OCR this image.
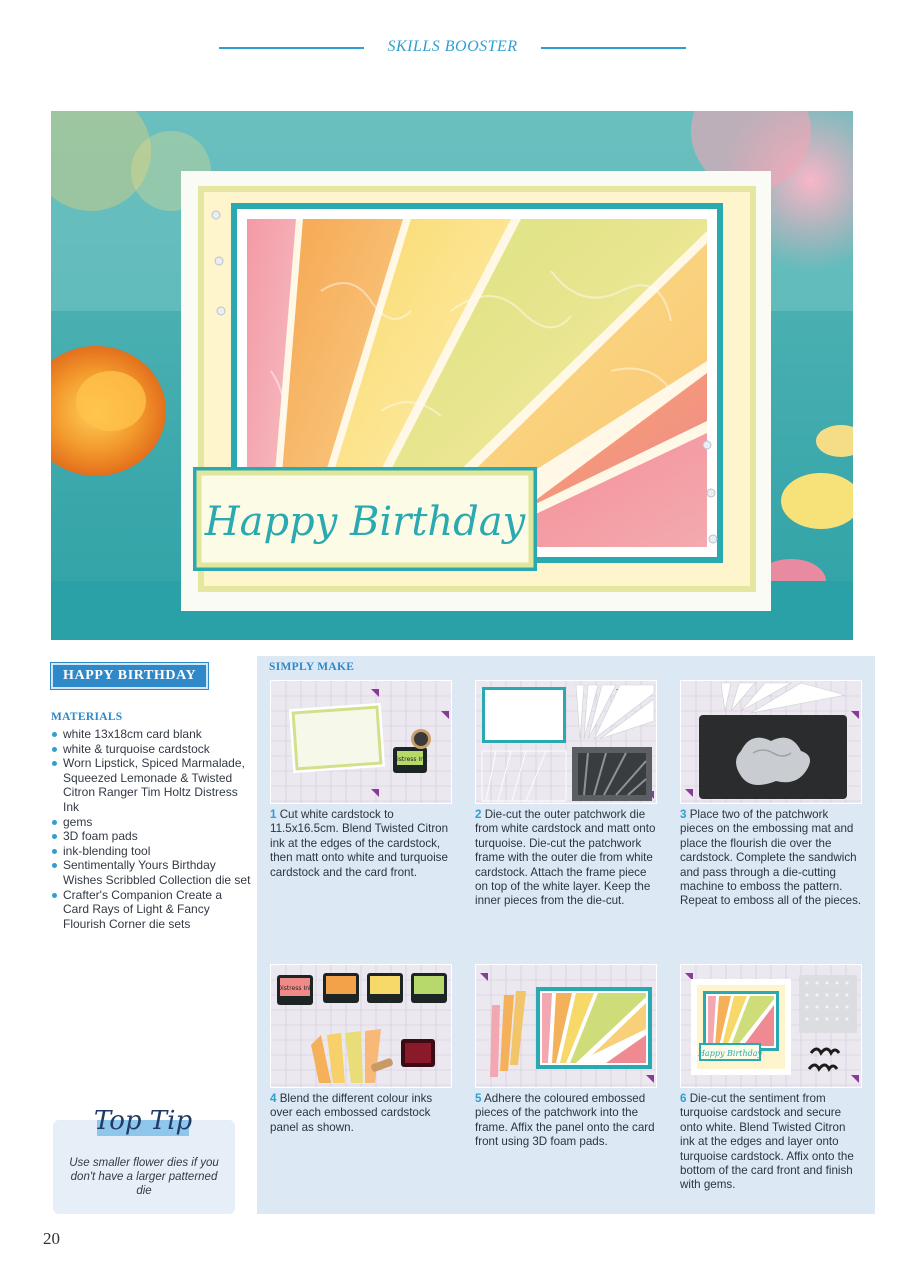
SKILLS BOOSTER
Happy Birthday
HAPPY BIRTHDAY
MATERIALS
white 13x18cm card blank
white & turquoise cardstock
Worn Lipstick, Spiced Marmalade, Squeezed Lemonade & Twisted Citron Ranger Tim Holtz Distress Ink
gems
3D foam pads
ink-blending tool
Sentimentally Yours Birthday Wishes Scribbled Collection die set
Crafter's Companion Create a Card Rays of Light & Fancy Flourish Corner die sets
Top Tip
Use smaller flower dies if you don't have a larger patterned die
SIMPLY MAKE
Distress Ink
1 Cut white cardstock to 11.5x16.5cm. Blend Twisted Citron ink at the edges of the cardstock, then matt onto white and turquoise cardstock and the card front.
2 Die-cut the outer patchwork die from white cardstock and matt onto turquoise. Die-cut the patchwork frame with the outer die from white cardstock. Attach the frame piece on top of the white layer. Keep the inner pieces from the die-cut.
3 Place two of the patchwork pieces on the embossing mat and place the flourish die over the cardstock. Complete the sandwich and pass through a die-cutting machine to emboss the pattern. Repeat to emboss all of the pieces.
Distress Ink
4 Blend the different colour inks over each embossed cardstock panel as shown.
5 Adhere the coloured embossed pieces of the patchwork into the frame. Affix the panel onto the card front using 3D foam pads.
Happy Birthday
6 Die-cut the sentiment from turquoise cardstock and secure onto white. Blend Twisted Citron ink at the edges and layer onto turquoise cardstock. Affix onto the bottom of the card front and finish with gems.
20
